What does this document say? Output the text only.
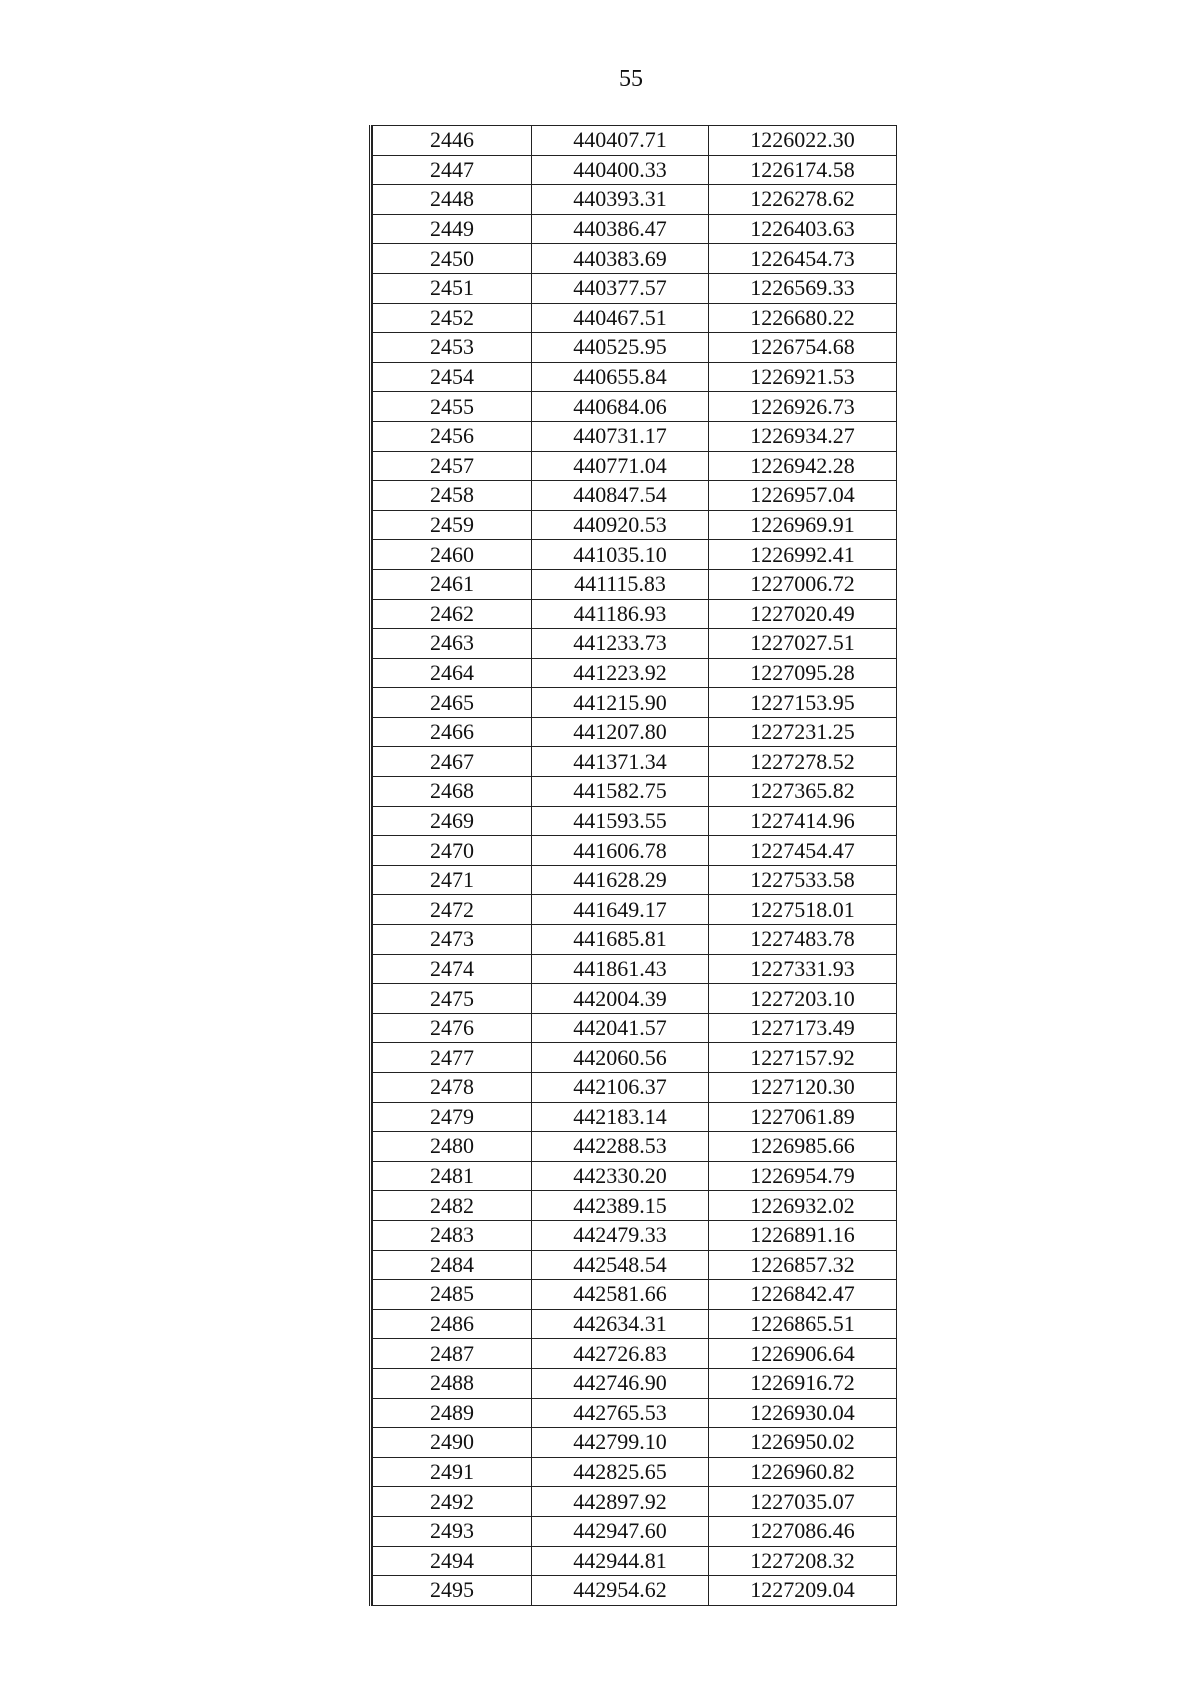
55
2446	440407.71	1226022.30
2447	440400.33	1226174.58
2448	440393.31	1226278.62
2449	440386.47	1226403.63
2450	440383.69	1226454.73
2451	440377.57	1226569.33
2452	440467.51	1226680.22
2453	440525.95	1226754.68
2454	440655.84	1226921.53
2455	440684.06	1226926.73
2456	440731.17	1226934.27
2457	440771.04	1226942.28
2458	440847.54	1226957.04
2459	440920.53	1226969.91
2460	441035.10	1226992.41
2461	441115.83	1227006.72
2462	441186.93	1227020.49
2463	441233.73	1227027.51
2464	441223.92	1227095.28
2465	441215.90	1227153.95
2466	441207.80	1227231.25
2467	441371.34	1227278.52
2468	441582.75	1227365.82
2469	441593.55	1227414.96
2470	441606.78	1227454.47
2471	441628.29	1227533.58
2472	441649.17	1227518.01
2473	441685.81	1227483.78
2474	441861.43	1227331.93
2475	442004.39	1227203.10
2476	442041.57	1227173.49
2477	442060.56	1227157.92
2478	442106.37	1227120.30
2479	442183.14	1227061.89
2480	442288.53	1226985.66
2481	442330.20	1226954.79
2482	442389.15	1226932.02
2483	442479.33	1226891.16
2484	442548.54	1226857.32
2485	442581.66	1226842.47
2486	442634.31	1226865.51
2487	442726.83	1226906.64
2488	442746.90	1226916.72
2489	442765.53	1226930.04
2490	442799.10	1226950.02
2491	442825.65	1226960.82
2492	442897.92	1227035.07
2493	442947.60	1227086.46
2494	442944.81	1227208.32
2495	442954.62	1227209.04
